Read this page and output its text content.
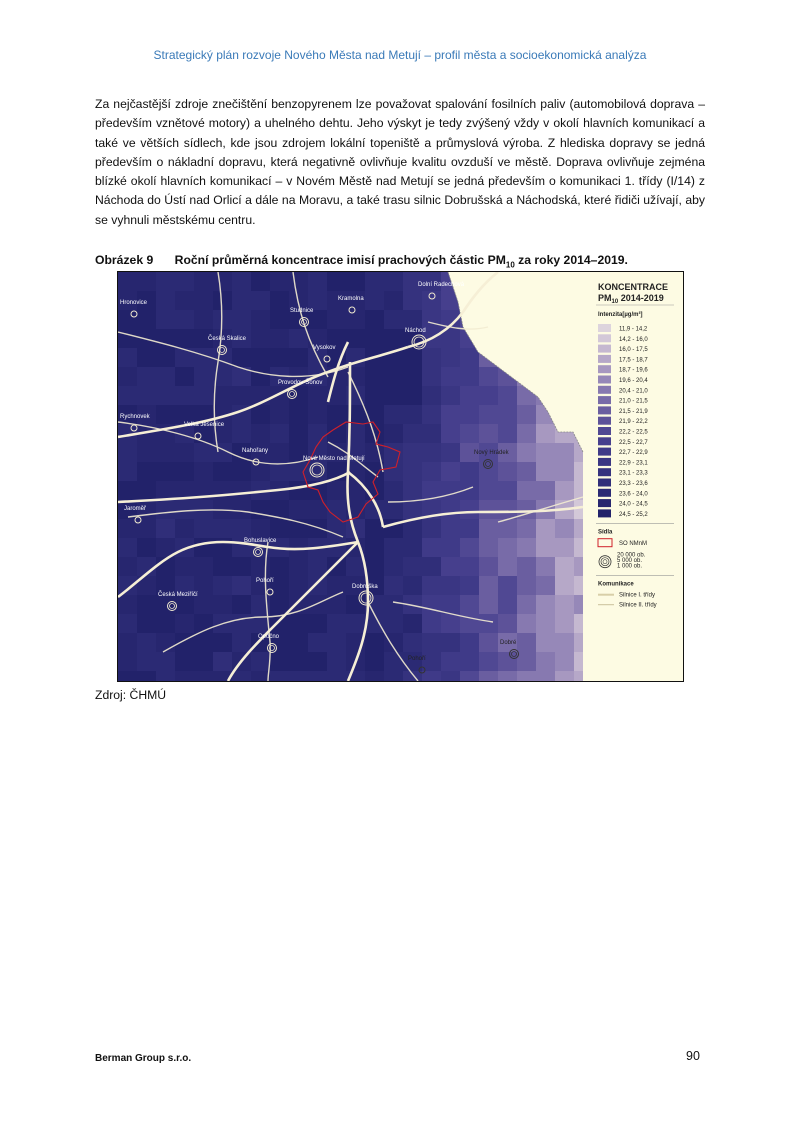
Strategický plán rozvoje Nového Města nad Metují – profil města a socioekonomická analýza

Za nejčastější zdroje znečištění benzopyrenem lze považovat spalování fosilních paliv (automobilová doprava – především vznětové motory) a uhelného dehtu. Jeho výskyt je tedy zvýšený vždy v okolí hlavních komunikací a také ve větších sídlech, kde jsou zdrojem lokální topeniště a průmyslová výroba. Z hlediska dopravy se jedná především o nákladní dopravu, která negativně ovlivňuje kvalitu ovzduší ve městě. Doprava ovlivňuje zejména blízké okolí hlavních komunikací – v Novém Městě nad Metují se jedná především o komunikaci 1. třídy (I/14) z Náchoda do Ústí nad Orlicí a dále na Moravu, a také trasu silnic Dobrušská a Náchodská, které řidiči užívají, aby se vyhnuli městskému centru.

Obrázek 9 Roční průměrná koncentrace imisí prachových částic $PM_{10}$ za roky 2014–2019.
Dolní Radechová
Kramolna
Studnice
Hronovice
Česká Skalice
Vysokov
Náchod
Provodov-Šonov
Rychnovek
Velká Jesenice
Nahořany
Nové Město nad Metují
Nový Hrádek
Jaroměř
Bohuslavice
Pohoří
Dobruška
Česká Meziříčí
Opočno
Dobré
Pohoří
KONCENTRACE
$PM_{10}$ 2014-2019
Intenzita[µg/m³]
11,9 - 14,2
14,2 - 16,0
16,0 - 17,5
17,5 - 18,7
18,7 - 19,6
19,6 - 20,4
20,4 - 21,0
21,0 - 21,5
21,5 - 21,9
21,9 - 22,2
22,2 - 22,5
22,5 - 22,7
22,7 - 22,9
22,9 - 23,1
23,1 - 23,3
23,3 - 23,6
23,6 - 24,0
24,0 - 24,5
24,5 - 25,2
Sídla
SO NMnM
20 000 ob.
5 000 ob.
1 000 ob.
Komunikace
Silnice I. třídy
Silnice II. třídy
Zdroj: ČHMÚ
Berman Group s.r.o.	90
